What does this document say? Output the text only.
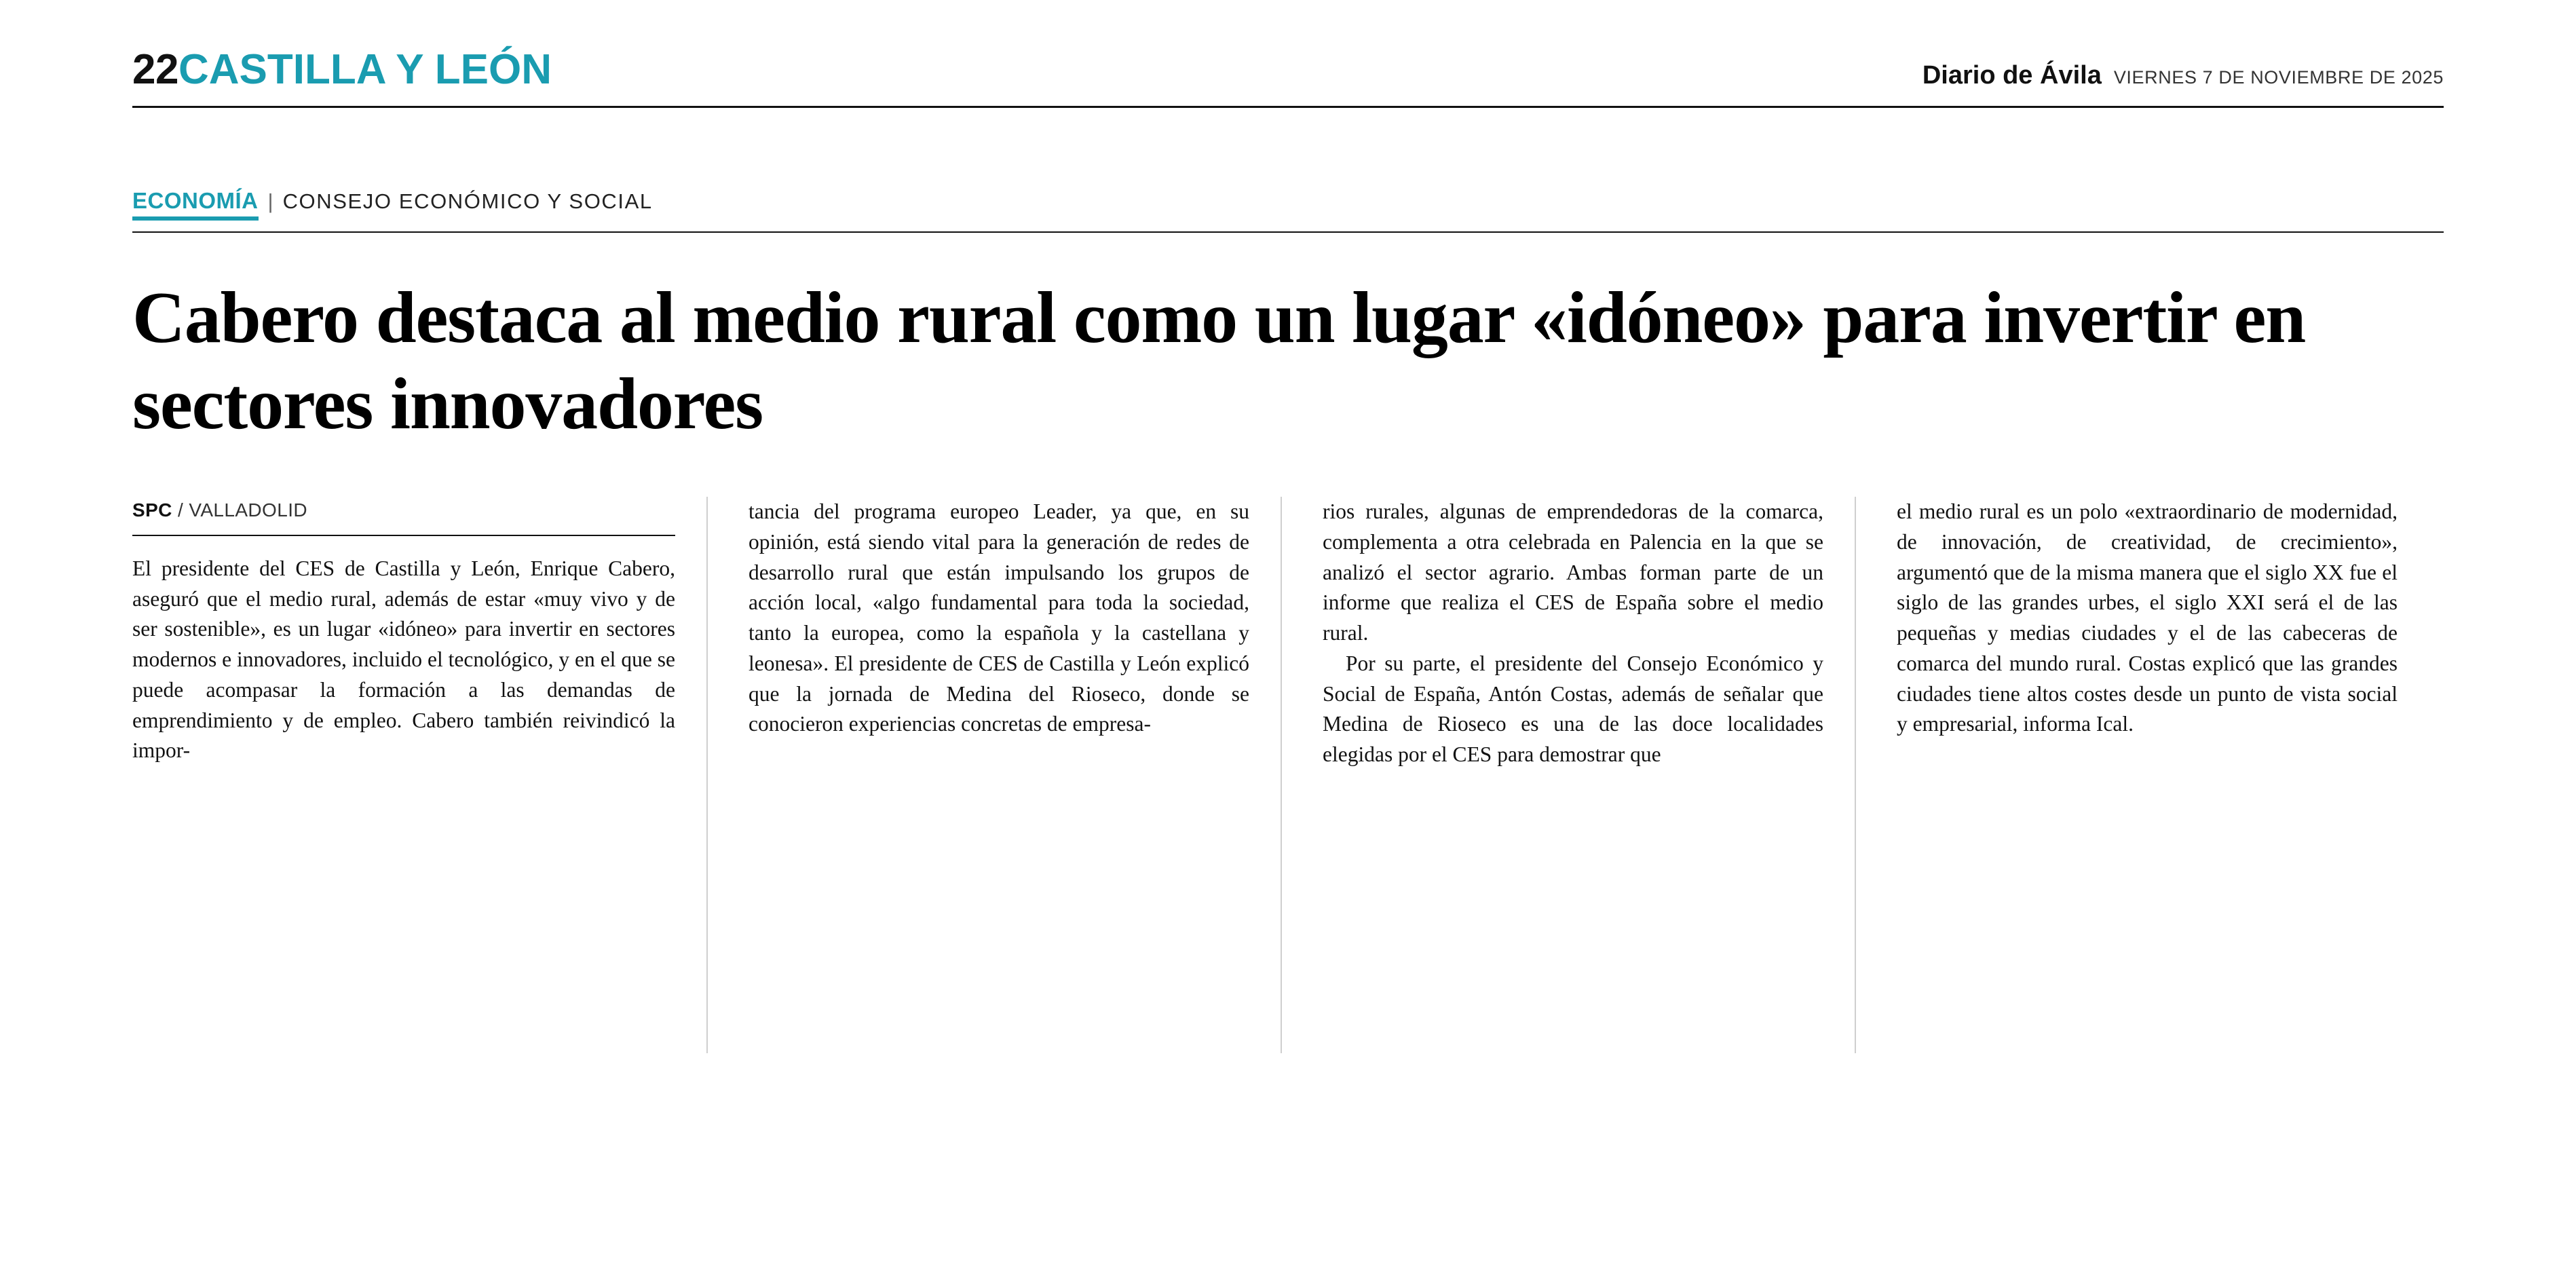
22 CASTILLA Y LEÓN	Diario de Ávila VIERNES 7 DE NOVIEMBRE DE 2025
ECONOMÍA | CONSEJO ECONÓMICO Y SOCIAL
Cabero destaca al medio rural como un lugar «idóneo» para invertir en sectores innovadores
SPC / VALLADOLID

El presidente del CES de Castilla y León, Enrique Cabero, aseguró que el medio rural, además de estar «muy vivo y de ser sostenible», es un lugar «idóneo» para invertir en sectores modernos e innovadores, incluido el tecnológico, y en el que se puede acompasar la formación a las demandas de emprendimiento y de empleo. Cabero también reivindicó la impor-

tancia del programa europeo Leader, ya que, en su opinión, está siendo vital para la generación de redes de desarrollo rural que están impulsando los grupos de acción local, «algo fundamental para toda la sociedad, tanto la europea, como la española y la castellana y leonesa». El presidente de CES de Castilla y León explicó que la jornada de Medina del Rioseco, donde se conocieron experiencias concretas de empresa-

rios rurales, algunas de emprendedoras de la comarca, complementa a otra celebrada en Palencia en la que se analizó el sector agrario. Ambas forman parte de un informe que realiza el CES de España sobre el medio rural.

Por su parte, el presidente del Consejo Económico y Social de España, Antón Costas, además de señalar que Medina de Rioseco es una de las doce localidades elegidas por el CES para demostrar que

el medio rural es un polo «extraordinario de modernidad, de innovación, de creatividad, de crecimiento», argumentó que de la misma manera que el siglo XX fue el siglo de las grandes urbes, el siglo XXI será el de las pequeñas y medias ciudades y el de las cabeceras de comarca del mundo rural. Costas explicó que las grandes ciudades tiene altos costes desde un punto de vista social y empresarial, informa Ical.
